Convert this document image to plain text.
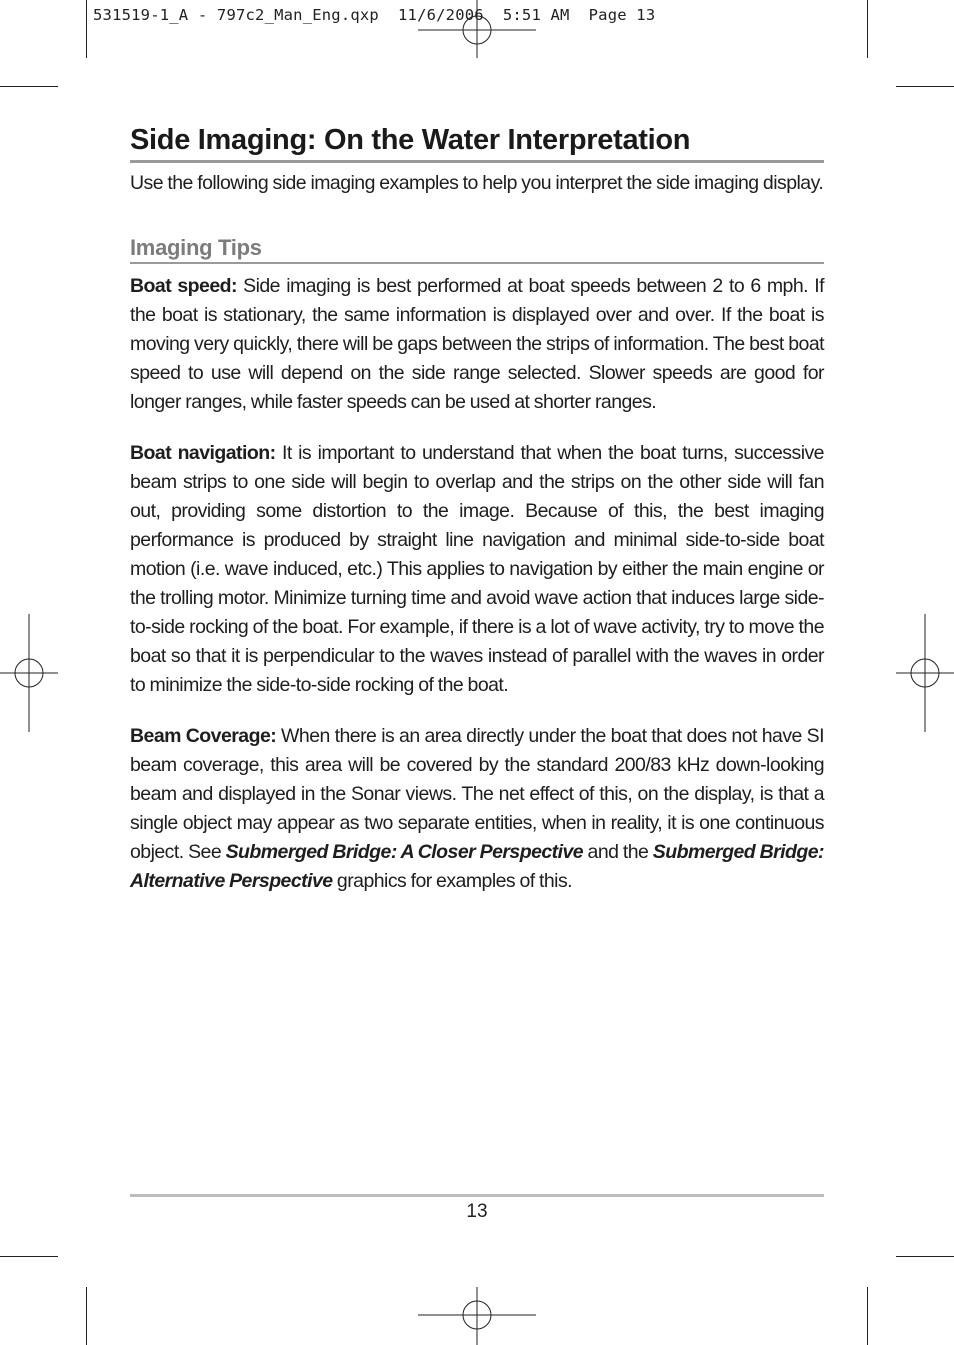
531519-1_A - 797c2_Man_Eng.qxp  11/6/2006  5:51 AM  Page 13
Side Imaging: On the Water Interpretation

Use the following side imaging examples to help you interpret the side imaging display.

Imaging Tips

Boat speed: Side imaging is best performed at boat speeds between 2 to 6 mph. If the boat is stationary, the same information is displayed over and over. If the boat is moving very quickly, there will be gaps between the strips of information. The best boat speed to use will depend on the side range selected. Slower speeds are good for longer ranges, while faster speeds can be used at shorter ranges.

Boat navigation: It is important to understand that when the boat turns, successive beam strips to one side will begin to overlap and the strips on the other side will fan out, providing some distortion to the image. Because of this, the best imaging performance is produced by straight line navigation and minimal side-to-side boat motion (i.e. wave induced, etc.) This applies to navigation by either the main engine or the trolling motor. Minimize turning time and avoid wave action that induces large side-to-side rocking of the boat. For example, if there is a lot of wave activity, try to move the boat so that it is perpendicular to the waves instead of parallel with the waves in order to minimize the side-to-side rocking of the boat.

Beam Coverage: When there is an area directly under the boat that does not have SI beam coverage, this area will be covered by the standard 200/83 kHz down-looking beam and displayed in the Sonar views. The net effect of this, on the display, is that a single object may appear as two separate entities, when in reality, it is one continuous object. See Submerged Bridge: A Closer Perspective and the Submerged Bridge: Alternative Perspective graphics for examples of this.

13
